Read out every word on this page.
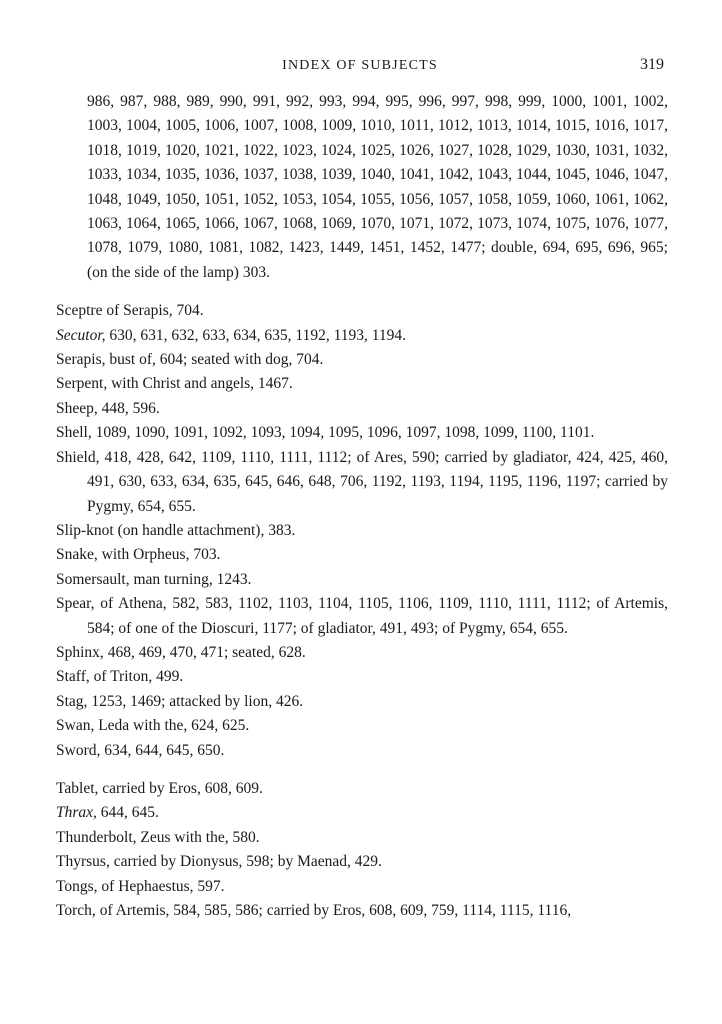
INDEX OF SUBJECTS	319
986, 987, 988, 989, 990, 991, 992, 993, 994, 995, 996, 997, 998, 999, 1000, 1001, 1002, 1003, 1004, 1005, 1006, 1007, 1008, 1009, 1010, 1011, 1012, 1013, 1014, 1015, 1016, 1017, 1018, 1019, 1020, 1021, 1022, 1023, 1024, 1025, 1026, 1027, 1028, 1029, 1030, 1031, 1032, 1033, 1034, 1035, 1036, 1037, 1038, 1039, 1040, 1041, 1042, 1043, 1044, 1045, 1046, 1047, 1048, 1049, 1050, 1051, 1052, 1053, 1054, 1055, 1056, 1057, 1058, 1059, 1060, 1061, 1062, 1063, 1064, 1065, 1066, 1067, 1068, 1069, 1070, 1071, 1072, 1073, 1074, 1075, 1076, 1077, 1078, 1079, 1080, 1081, 1082, 1423, 1449, 1451, 1452, 1477; double, 694, 695, 696, 965; (on the side of the lamp) 303.
Sceptre of Serapis, 704.
Secutor, 630, 631, 632, 633, 634, 635, 1192, 1193, 1194.
Serapis, bust of, 604; seated with dog, 704.
Serpent, with Christ and angels, 1467.
Sheep, 448, 596.
Shell, 1089, 1090, 1091, 1092, 1093, 1094, 1095, 1096, 1097, 1098, 1099, 1100, 1101.
Shield, 418, 428, 642, 1109, 1110, 1111, 1112; of Ares, 590; carried by gladiator, 424, 425, 460, 491, 630, 633, 634, 635, 645, 646, 648, 706, 1192, 1193, 1194, 1195, 1196, 1197; carried by Pygmy, 654, 655.
Slip-knot (on handle attachment), 383.
Snake, with Orpheus, 703.
Somersault, man turning, 1243.
Spear, of Athena, 582, 583, 1102, 1103, 1104, 1105, 1106, 1109, 1110, 1111, 1112; of Artemis, 584; of one of the Dioscuri, 1177; of gladiator, 491, 493; of Pygmy, 654, 655.
Sphinx, 468, 469, 470, 471; seated, 628.
Staff, of Triton, 499.
Stag, 1253, 1469; attacked by lion, 426.
Swan, Leda with the, 624, 625.
Sword, 634, 644, 645, 650.
Tablet, carried by Eros, 608, 609.
Thrax, 644, 645.
Thunderbolt, Zeus with the, 580.
Thyrsus, carried by Dionysus, 598; by Maenad, 429.
Tongs, of Hephaestus, 597.
Torch, of Artemis, 584, 585, 586; carried by Eros, 608, 609, 759, 1114, 1115, 1116,
